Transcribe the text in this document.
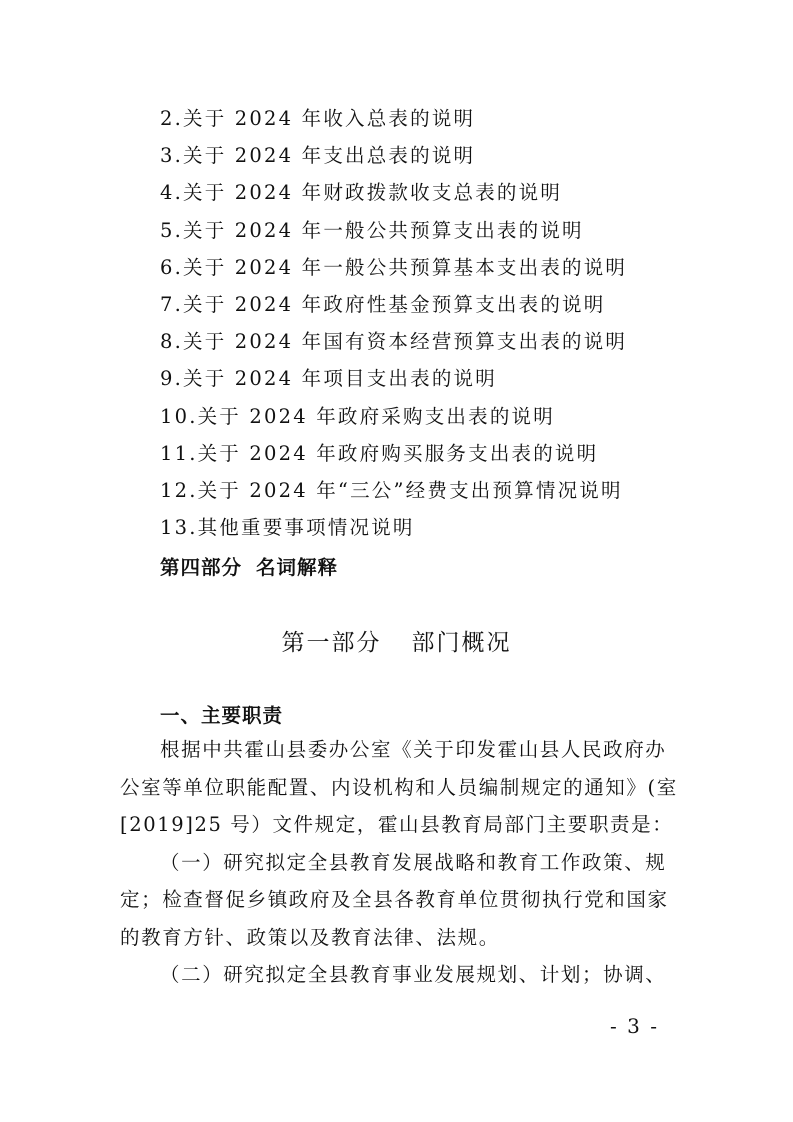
2.关于 2024 年收入总表的说明
3.关于 2024 年支出总表的说明
4.关于 2024 年财政拨款收支总表的说明
5.关于 2024 年一般公共预算支出表的说明
6.关于 2024 年一般公共预算基本支出表的说明
7.关于 2024 年政府性基金预算支出表的说明
8.关于 2024 年国有资本经营预算支出表的说明
9.关于 2024 年项目支出表的说明
10.关于 2024 年政府采购支出表的说明
11.关于 2024 年政府购买服务支出表的说明
12.关于 2024 年“三公”经费支出预算情况说明
13.其他重要事项情况说明
第四部分 名词解释
第一部分 部门概况
一、主要职责
根据中共霍山县委办公室《关于印发霍山县人民政府办
公室等单位职能配置、内设机构和人员编制规定的通知》(室
[2019]25 号）文件规定，霍山县教育局部门主要职责是：
（一）研究拟定全县教育发展战略和教育工作政策、规
定；检查督促乡镇政府及全县各教育单位贯彻执行党和国家
的教育方针、政策以及教育法律、法规。
（二）研究拟定全县教育事业发展规划、计划；协调、
- 3 -
